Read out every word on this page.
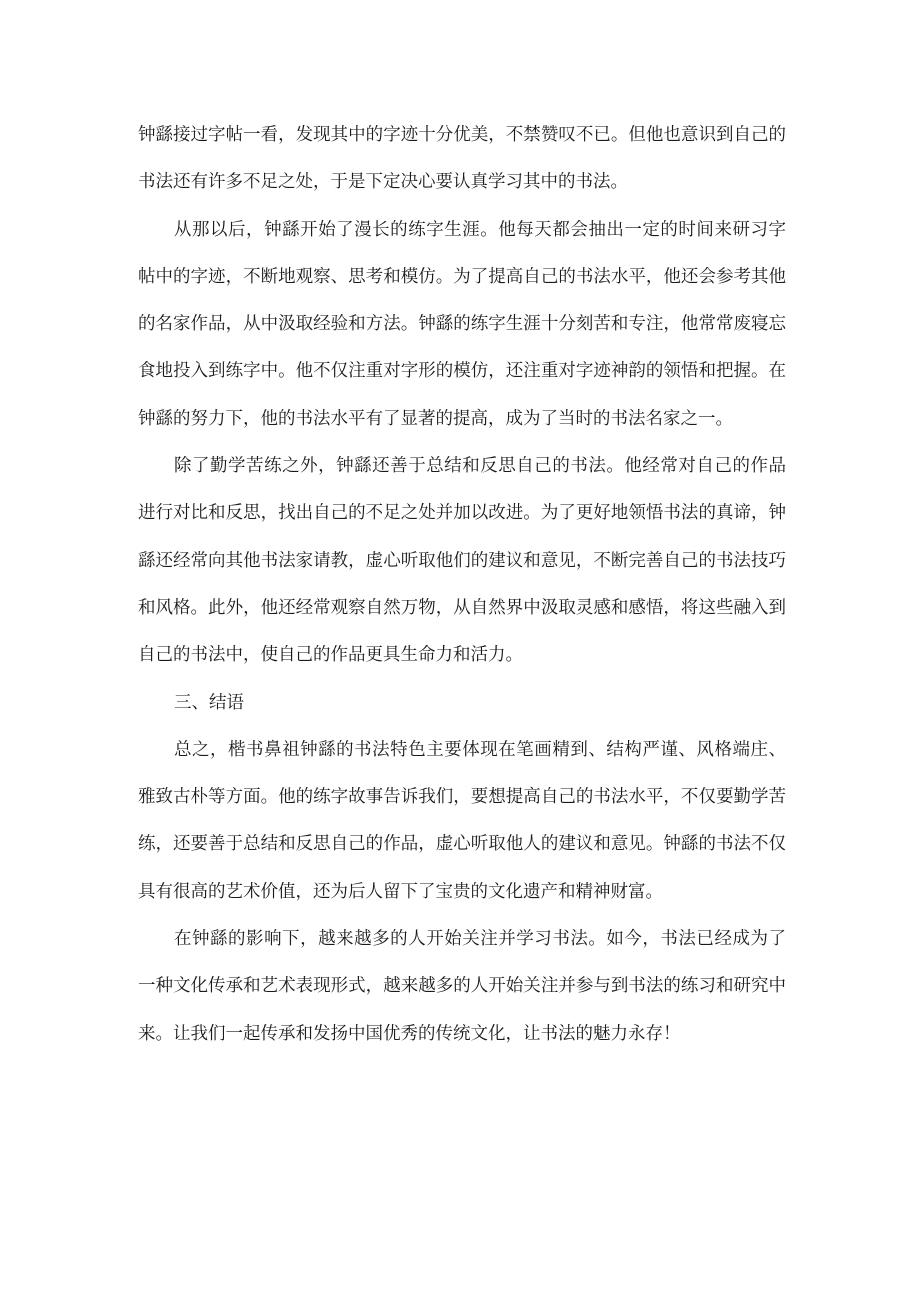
钟繇接过字帖一看，发现其中的字迹十分优美，不禁赞叹不已。但他也意识到自己的书法还有许多不足之处，于是下定决心要认真学习其中的书法。

从那以后，钟繇开始了漫长的练字生涯。他每天都会抽出一定的时间来研习字帖中的字迹，不断地观察、思考和模仿。为了提高自己的书法水平，他还会参考其他的名家作品，从中汲取经验和方法。钟繇的练字生涯十分刻苦和专注，他常常废寝忘食地投入到练字中。他不仅注重对字形的模仿，还注重对字迹神韵的领悟和把握。在钟繇的努力下，他的书法水平有了显著的提高，成为了当时的书法名家之一。

除了勤学苦练之外，钟繇还善于总结和反思自己的书法。他经常对自己的作品进行对比和反思，找出自己的不足之处并加以改进。为了更好地领悟书法的真谛，钟繇还经常向其他书法家请教，虚心听取他们的建议和意见，不断完善自己的书法技巧和风格。此外，他还经常观察自然万物，从自然界中汲取灵感和感悟，将这些融入到自己的书法中，使自己的作品更具生命力和活力。

三、结语

总之，楷书鼻祖钟繇的书法特色主要体现在笔画精到、结构严谨、风格端庄、雅致古朴等方面。他的练字故事告诉我们，要想提高自己的书法水平，不仅要勤学苦练，还要善于总结和反思自己的作品，虚心听取他人的建议和意见。钟繇的书法不仅具有很高的艺术价值，还为后人留下了宝贵的文化遗产和精神财富。

在钟繇的影响下，越来越多的人开始关注并学习书法。如今，书法已经成为了一种文化传承和艺术表现形式，越来越多的人开始关注并参与到书法的练习和研究中来。让我们一起传承和发扬中国优秀的传统文化，让书法的魅力永存！
